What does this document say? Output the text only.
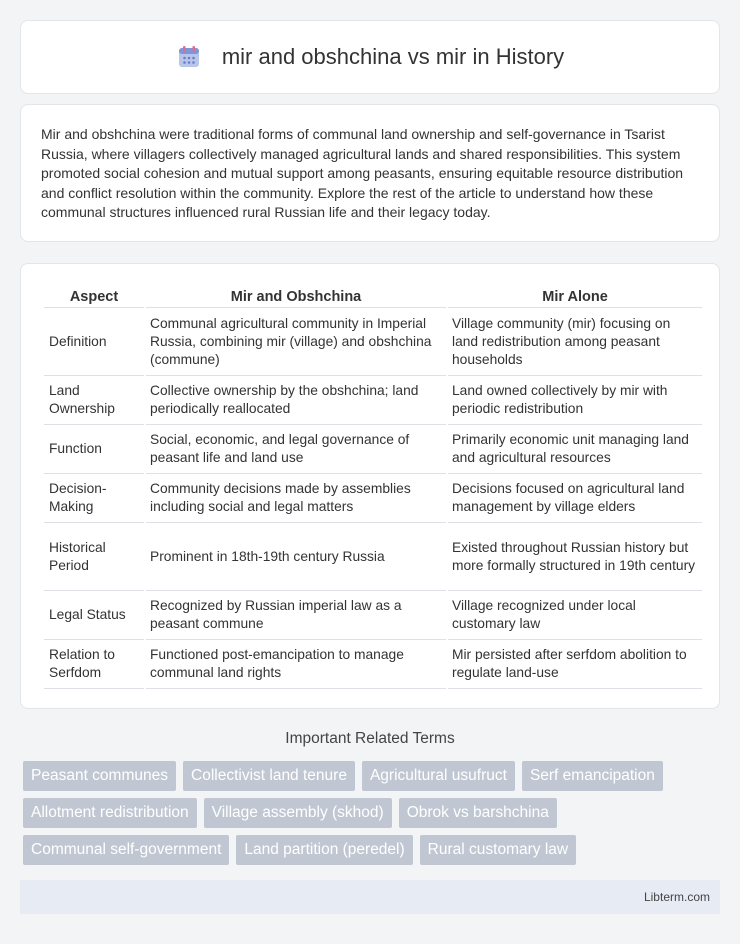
mir and obshchina vs mir in History

Mir and obshchina were traditional forms of communal land ownership and self-governance in Tsarist Russia, where villagers collectively managed agricultural lands and shared responsibilities. This system promoted social cohesion and mutual support among peasants, ensuring equitable resource distribution and conflict resolution within the community. Explore the rest of the article to understand how these communal structures influenced rural Russian life and their legacy today.

Aspect	Mir and Obshchina	Mir Alone
Definition	Communal agricultural community in Imperial Russia, combining mir (village) and obshchina (commune)	Village community (mir) focusing on land redistribution among peasant households
Land Ownership	Collective ownership by the obshchina; land periodically reallocated	Land owned collectively by mir with periodic redistribution
Function	Social, economic, and legal governance of peasant life and land use	Primarily economic unit managing land and agricultural resources
Decision-Making	Community decisions made by assemblies including social and legal matters	Decisions focused on agricultural land management by village elders
Historical Period	Prominent in 18th-19th century Russia	Existed throughout Russian history but more formally structured in 19th century
Legal Status	Recognized by Russian imperial law as a peasant commune	Village recognized under local customary law
Relation to Serfdom	Functioned post-emancipation to manage communal land rights	Mir persisted after serfdom abolition to regulate land-use
Important Related Terms
Peasant communes	Collectivist land tenure	Agricultural usufruct	Serf emancipation
Allotment redistribution	Village assembly (skhod)	Obrok vs barshchina
Communal self-government	Land partition (peredel)	Rural customary law
Libterm.com
